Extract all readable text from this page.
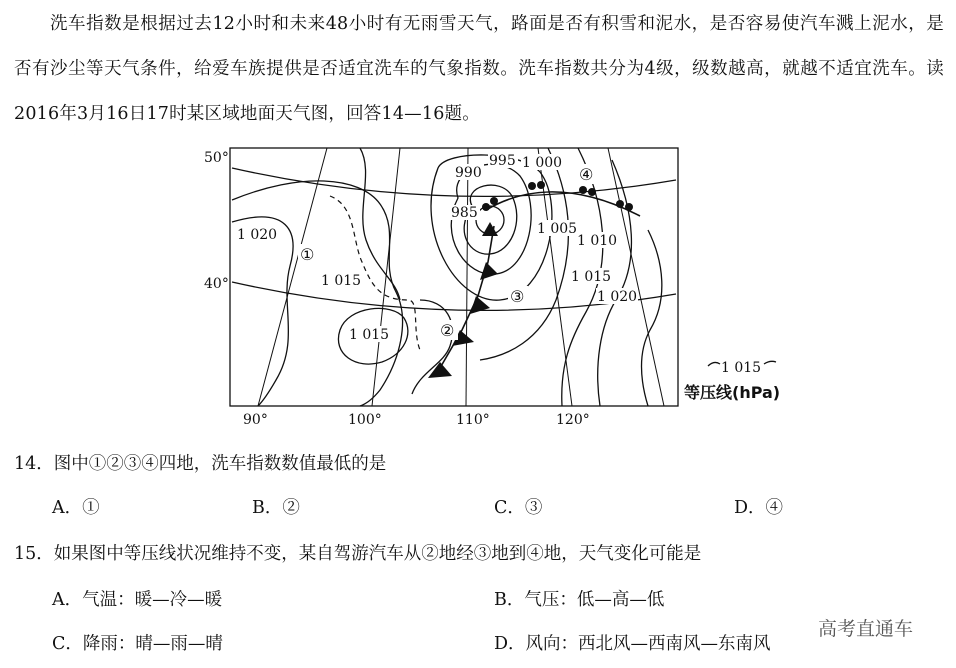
洗车指数是根据过去12小时和未来48小时有无雨雪天气，路面是否有积雪和泥水，是否容易使汽车溅上泥水，是否有沙尘等天气条件，给爱车族提供是否适宜洗车的气象指数。洗车指数共分为4级，级数越高，就越不适宜洗车。读2016年3月16日17时某区域地面天气图，回答14—16题。
990
995 1 000
985
1 005
1 010
1 020
1 015	1 015
1 020
1 015
①
②
③
④
50°
40°
90°	100°	110°	120°
1 015
等压线(hPa)
14．图中①②③④四地，洗车指数数值最低的是
A．①	B．②	C．③	D．④
15．如果图中等压线状况维持不变，某自驾游汽车从②地经③地到④地，天气变化可能是
A．气温：暖—冷—暖	B．气压：低—高—低
C．降雨：晴—雨—晴	D．风向：西北风—西南风—东南风
高考直通车
